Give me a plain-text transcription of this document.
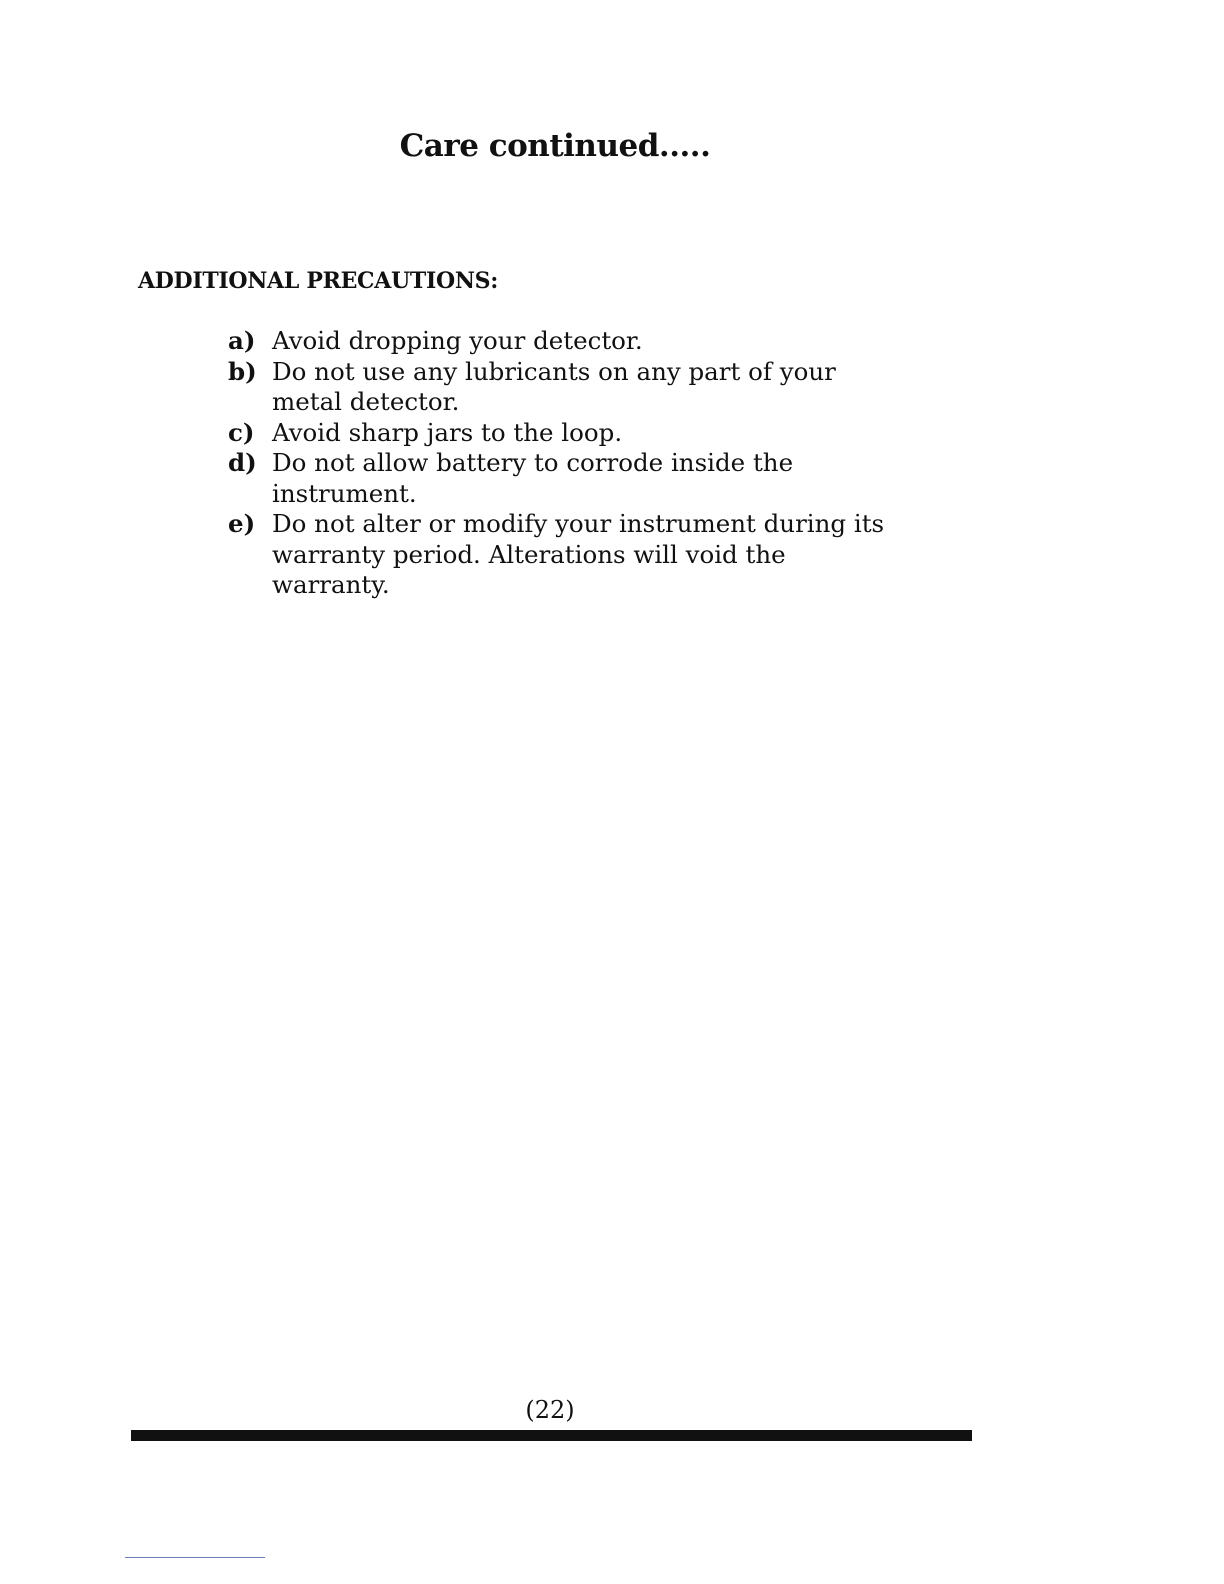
Care continued.....
ADDITIONAL PRECAUTIONS:
a) Avoid dropping your detector.
b) Do not use any lubricants on any part of your metal detector.
c) Avoid sharp jars to the loop.
d) Do not allow battery to corrode inside the instrument.
e) Do not alter or modify your instrument during its warranty period. Alterations will void the warranty.

(22)
